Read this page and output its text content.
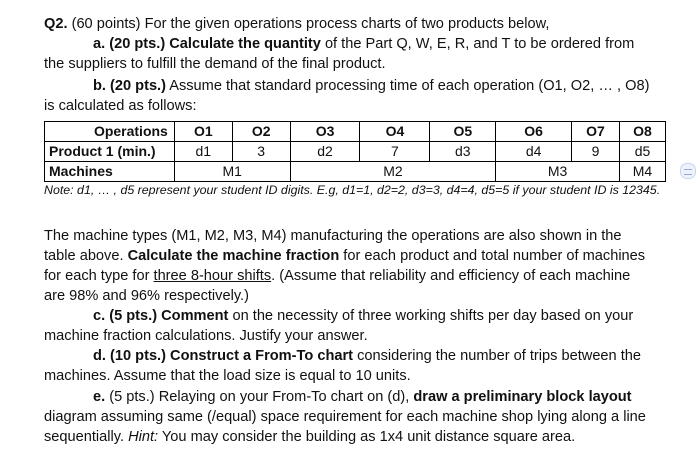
Q2. (60 points) For the given operations process charts of two products below,
a. (20 pts.) Calculate the quantity of the Part Q, W, E, R, and T to be ordered from
the suppliers to fulfill the demand of the final product.
b. (20 pts.) Assume that standard processing time of each operation (O1, O2, … , O8)
is calculated as follows:
Operations	O1	O2	O3	O4	O5	O6	O7	O8
Product 1 (min.)	d1	3	d2	7	d3	d4	9	d5
Machines	M1		M2			M3		M4
Note: d1, … , d5 represent your student ID digits. E.g, d1=1, d2=2, d3=3, d4=4, d5=5 if your student ID is 12345.
The machine types (M1, M2, M3, M4) manufacturing the operations are also shown in the
table above. Calculate the machine fraction for each product and total number of machines
for each type for three 8-hour shifts. (Assume that reliability and efficiency of each machine
are 98% and 96% respectively.)
c. (5 pts.) Comment on the necessity of three working shifts per day based on your
machine fraction calculations. Justify your answer.
d. (10 pts.) Construct a From-To chart considering the number of trips between the
machines. Assume that the load size is equal to 10 units.
e. (5 pts.) Relaying on your From-To chart on (d), draw a preliminary block layout
diagram assuming same (/equal) space requirement for each machine shop lying along a line
sequentially. Hint: You may consider the building as 1x4 unit distance square area.
